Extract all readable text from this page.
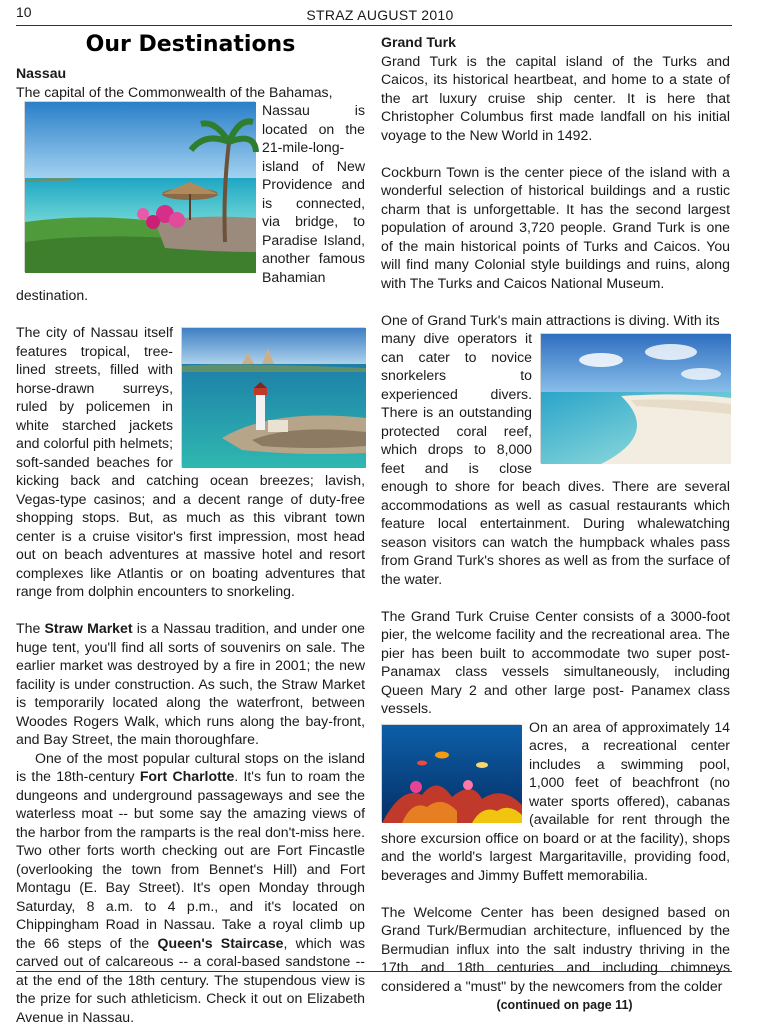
10	STRAZ AUGUST 2010
Our Destinations
Nassau

The capital of the Commonwealth of the Bahamas,

Nassau is located on the 21-mile-long-island of New Providence and is connected, via bridge, to Paradise Island, another famous Bahamian destination.

The city of Nassau itself features tropical, tree-lined streets, filled with horse-drawn surreys, ruled by policemen in white starched jackets and colorful pith helmets; soft-sanded beaches for kicking back and catching ocean breezes; lavish, Vegas-type casinos; and a decent range of duty-free shopping stops. But, as much as this vibrant town center is a cruise visitor's first impression, most head out on beach adventures at massive hotel and resort complexes like Atlantis or on boating adventures that range from dolphin encounters to snorkeling.

The Straw Market is a Nassau tradition, and under one huge tent, you'll find all sorts of souvenirs on sale. The earlier market was destroyed by a fire in 2001; the new facility is under construction. As such, the Straw Market is temporarily located along the waterfront, between Woodes Rogers Walk, which runs along the bay-front, and Bay Street, the main thoroughfare.

One of the most popular cultural stops on the island is the 18th-century Fort Charlotte. It's fun to roam the dungeons and underground passageways and see the waterless moat -- but some say the amazing views of the harbor from the ramparts is the real don't-miss here. Two other forts worth checking out are Fort Fincastle (overlooking the town from Bennet's Hill) and Fort Montagu (E. Bay Street). It's open Monday through Saturday, 8 a.m. to 4 p.m., and it's located on Chippingham Road in Nassau. Take a royal climb up the 66 steps of the Queen's Staircase, which was carved out of calcareous -- a coral-based sandstone -- at the end of the 18th century. The stupendous view is the prize for such athleticism. Check it out on Elizabeth Avenue in Nassau.

Grand Turk

Grand Turk is the capital island of the Turks and Caicos, its historical heartbeat, and home to a state of the art luxury cruise ship center. It is here that Christopher Columbus first made landfall on his initial voyage to the New World in 1492.

Cockburn Town is the center piece of the island with a wonderful selection of historical buildings and a rustic charm that is unforgettable. It has the second largest population of around 3,720 people. Grand Turk is one of the main historical points of Turks and Caicos. You will find many Colonial style buildings and ruins, along with The Turks and Caicos National Museum.

One of Grand Turk's main attractions is diving. With its

many dive operators it can cater to novice snorkelers to experienced divers. There is an outstanding protected coral reef, which drops to 8,000 feet and is close enough to shore for beach dives. There are several accommodations as well as casual restaurants which feature local entertainment. During whalewatching season visitors can watch the humpback whales pass from Grand Turk's shores as well as from the surface of the water.

The Grand Turk Cruise Center consists of a 3000-foot pier, the welcome facility and the recreational area. The pier has been built to accommodate two super post-Panamax class vessels simultaneously, including Queen Mary 2 and other large post- Panamex class vessels.

On an area of approximately 14 acres, a recreational center includes a swimming pool, 1,000 feet of beachfront (no water sports offered), cabanas (available for rent through the shore excursion office on board or at the facility), shops and the world's largest Margaritaville, providing food, beverages and Jimmy Buffett memorabilia.

The Welcome Center has been designed based on Grand Turk/Bermudian architecture, influenced by the Bermudian influx into the salt industry thriving in the 17th and 18th centuries and including chimneys considered a "must" by the newcomers from the colder

(continued on page 11)
